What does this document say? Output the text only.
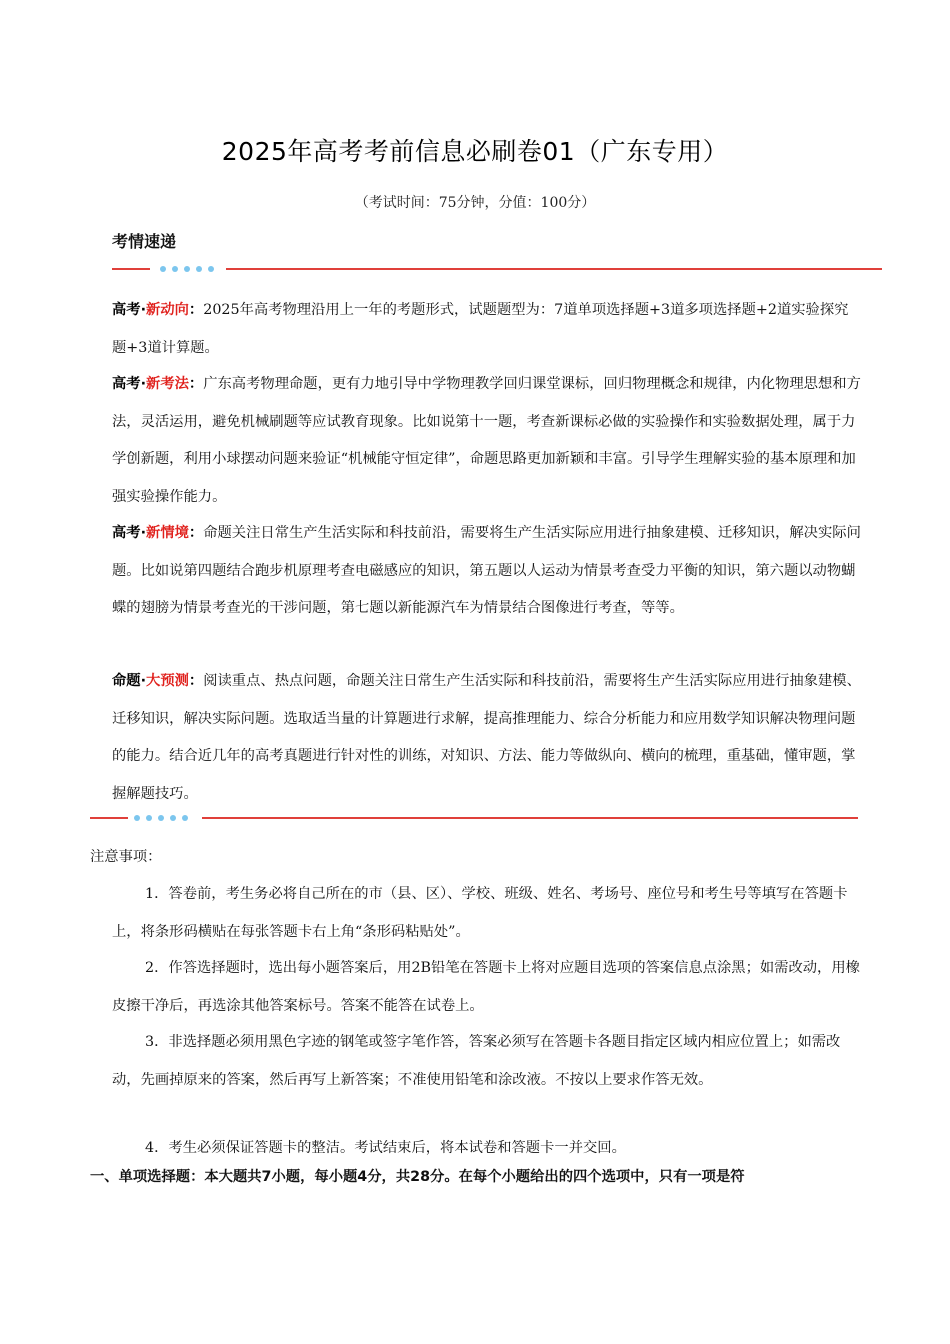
2025年高考考前信息必刷卷01（广东专用）
（考试时间：75分钟，分值：100分）
考情速递
高考·新动向：2025年高考物理沿用上一年的考题形式，试题题型为：7道单项选择题+3道多项选择题+2道实验探究题+3道计算题。
高考·新考法：广东高考物理命题，更有力地引导中学物理教学回归课堂课标，回归物理概念和规律，内化物理思想和方法，灵活运用，避免机械刷题等应试教育现象。比如说第十一题，考查新课标必做的实验操作和实验数据处理，属于力学创新题，利用小球摆动问题来验证“机械能守恒定律”，命题思路更加新颖和丰富。引导学生理解实验的基本原理和加强实验操作能力。
高考·新情境：命题关注日常生产生活实际和科技前沿，需要将生产生活实际应用进行抽象建模、迁移知识，解决实际问题。比如说第四题结合跑步机原理考查电磁感应的知识，第五题以人运动为情景考查受力平衡的知识，第六题以动物蝴蝶的翅膀为情景考查光的干涉问题，第七题以新能源汽车为情景结合图像进行考查，等等。
命题·大预测：阅读重点、热点问题，命题关注日常生产生活实际和科技前沿，需要将生产生活实际应用进行抽象建模、迁移知识，解决实际问题。选取适当量的计算题进行求解，提高推理能力、综合分析能力和应用数学知识解决物理问题的能力。结合近几年的高考真题进行针对性的训练，对知识、方法、能力等做纵向、横向的梳理，重基础，懂审题，掌握解题技巧。
注意事项：
1．答卷前，考生务必将自己所在的市（县、区）、学校、班级、姓名、考场号、座位号和考生号等填写在答题卡上，将条形码横贴在每张答题卡右上角“条形码粘贴处”。
2．作答选择题时，选出每小题答案后，用2B铅笔在答题卡上将对应题目选项的答案信息点涂黑；如需改动，用橡皮擦干净后，再选涂其他答案标号。答案不能答在试卷上。
3．非选择题必须用黑色字迹的钢笔或签字笔作答，答案必须写在答题卡各题目指定区域内相应位置上；如需改动，先画掉原来的答案，然后再写上新答案；不准使用铅笔和涂改液。不按以上要求作答无效。
4．考生必须保证答题卡的整洁。考试结束后，将本试卷和答题卡一并交回。
一、单项选择题：本大题共7小题，每小题4分，共28分。在每个小题给出的四个选项中，只有一项是符
